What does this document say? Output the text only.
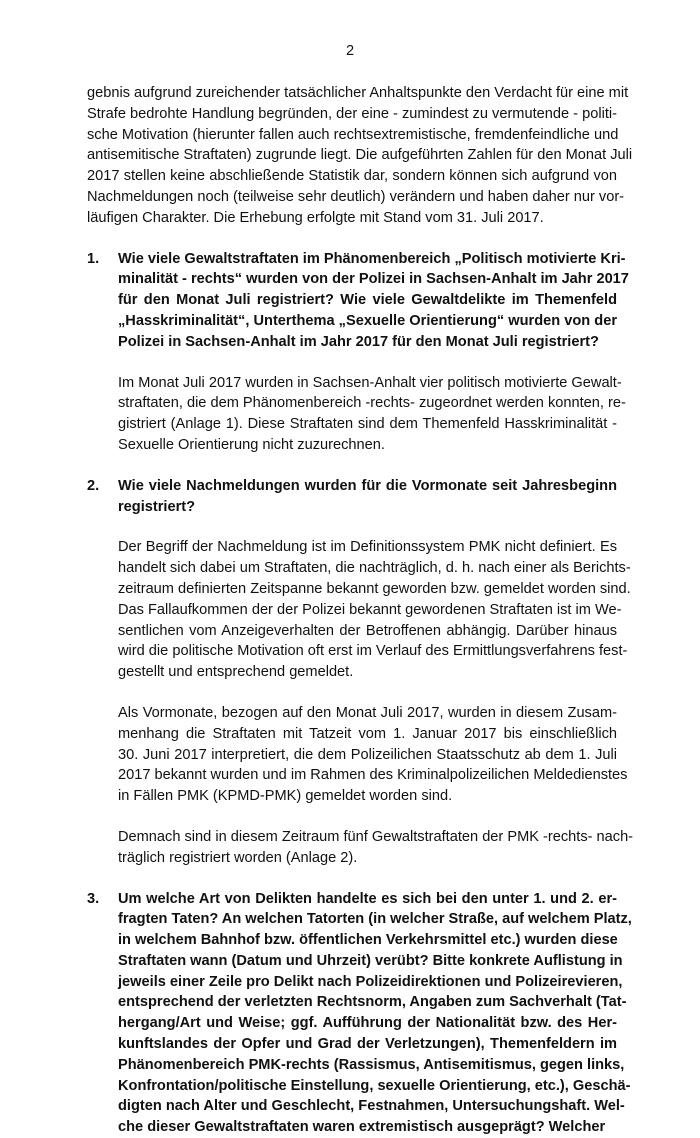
2
gebnis aufgrund zureichender tatsächlicher Anhaltspunkte den Verdacht für eine mit
Strafe bedrohte Handlung begründen, der eine - zumindest zu vermutende - politi-
sche Motivation (hierunter fallen auch rechtsextremistische, fremdenfeindliche und
antisemitische Straftaten) zugrunde liegt. Die aufgeführten Zahlen für den Monat Juli
2017 stellen keine abschließende Statistik dar, sondern können sich aufgrund von
Nachmeldungen noch (teilweise sehr deutlich) verändern und haben daher nur vor-
läufigen Charakter. Die Erhebung erfolgte mit Stand vom 31. Juli 2017.
1. Wie viele Gewaltstraftaten im Phänomenbereich „Politisch motivierte Kri-
minalität - rechts“ wurden von der Polizei in Sachsen-Anhalt im Jahr 2017
für den Monat Juli registriert? Wie viele Gewaltdelikte im Themenfeld
„Hasskriminalität“, Unterthema „Sexuelle Orientierung“ wurden von der
Polizei in Sachsen-Anhalt im Jahr 2017 für den Monat Juli registriert?
Im Monat Juli 2017 wurden in Sachsen-Anhalt vier politisch motivierte Gewalt-
straftaten, die dem Phänomenbereich -rechts- zugeordnet werden konnten, re-
gistriert (Anlage 1). Diese Straftaten sind dem Themenfeld Hasskriminalität -
Sexuelle Orientierung nicht zuzurechnen.
2. Wie viele Nachmeldungen wurden für die Vormonate seit Jahresbeginn
registriert?
Der Begriff der Nachmeldung ist im Definitionssystem PMK nicht definiert. Es
handelt sich dabei um Straftaten, die nachträglich, d. h. nach einer als Berichts-
zeitraum definierten Zeitspanne bekannt geworden bzw. gemeldet worden sind.
Das Fallaufkommen der der Polizei bekannt gewordenen Straftaten ist im We-
sentlichen vom Anzeigeverhalten der Betroffenen abhängig. Darüber hinaus
wird die politische Motivation oft erst im Verlauf des Ermittlungsverfahrens fest-
gestellt und entsprechend gemeldet.
Als Vormonate, bezogen auf den Monat Juli 2017, wurden in diesem Zusam-
menhang die Straftaten mit Tatzeit vom 1. Januar 2017 bis einschließlich
30. Juni 2017 interpretiert, die dem Polizeilichen Staatsschutz ab dem 1. Juli
2017 bekannt wurden und im Rahmen des Kriminalpolizeilichen Meldedienstes
in Fällen PMK (KPMD-PMK) gemeldet worden sind.
Demnach sind in diesem Zeitraum fünf Gewaltstraftaten der PMK -rechts- nach-
träglich registriert worden (Anlage 2).
3. Um welche Art von Delikten handelte es sich bei den unter 1. und 2. er-
fragten Taten? An welchen Tatorten (in welcher Straße, auf welchem Platz,
in welchem Bahnhof bzw. öffentlichen Verkehrsmittel etc.) wurden diese
Straftaten wann (Datum und Uhrzeit) verübt? Bitte konkrete Auflistung in
jeweils einer Zeile pro Delikt nach Polizeidirektionen und Polizeirevieren,
entsprechend der verletzten Rechtsnorm, Angaben zum Sachverhalt (Tat-
hergang/Art und Weise; ggf. Aufführung der Nationalität bzw. des Her-
kunftslandes der Opfer und Grad der Verletzungen), Themenfeldern im
Phänomenbereich PMK-rechts (Rassismus, Antisemitismus, gegen links,
Konfrontation/politische Einstellung, sexuelle Orientierung, etc.), Geschä-
digten nach Alter und Geschlecht, Festnahmen, Untersuchungshaft. Wel-
che dieser Gewaltstraftaten waren extremistisch ausgeprägt? Welcher
